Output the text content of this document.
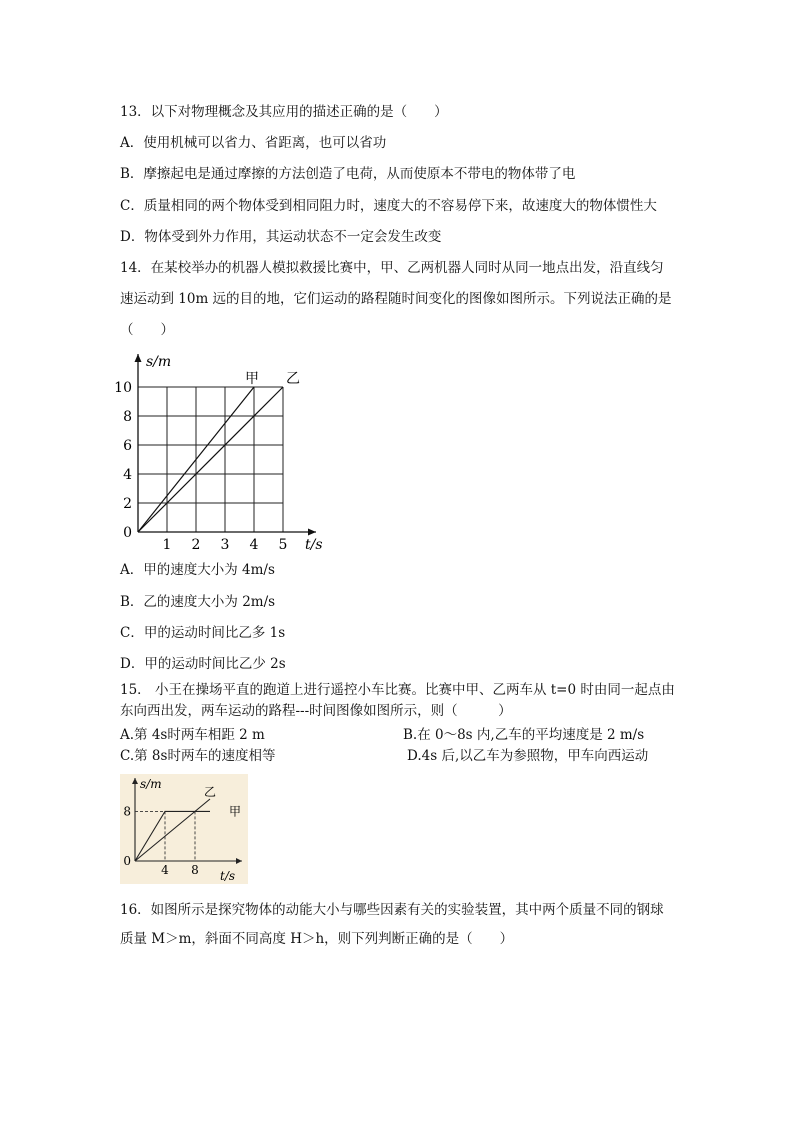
13．以下对物理概念及其应用的描述正确的是（　　）
A．使用机械可以省力、省距离，也可以省功
B．摩擦起电是通过摩擦的方法创造了电荷，从而使原本不带电的物体带了电
C．质量相同的两个物体受到相同阻力时，速度大的不容易停下来，故速度大的物体惯性大
D．物体受到外力作用，其运动状态不一定会发生改变
14．在某校举办的机器人模拟救援比赛中，甲、乙两机器人同时从同一地点出发，沿直线匀
速运动到 10m 远的目的地，它们运动的路程随时间变化的图像如图所示。下列说法正确的是
（　　）
甲 乙
1 2 3 4 5
0
2
4
6
8
10
s/m
t/s
A．甲的速度大小为 4m/s
B．乙的速度大小为 2m/s
C．甲的运动时间比乙多 1s
D．甲的运动时间比乙少 2s
15． 小王在操场平直的跑道上进行遥控小车比赛。比赛中甲、乙两车从 t=0 时由同一起点由
东向西出发，两车运动的路程---时间图像如图所示，则（　　　）
A.第 4s时两车相距 2 m	B.在 0～8s 内,乙车的平均速度是 2 m/s
C.第 8s时两车的速度相等	D.4s 后,以乙车为参照物，甲车向西运动
甲
乙
8
0
4 8
s/m
t/s
16．如图所示是探究物体的动能大小与哪些因素有关的实验装置，其中两个质量不同的钢球
质量 M＞m，斜面不同高度 H＞h，则下列判断正确的是（　　）
